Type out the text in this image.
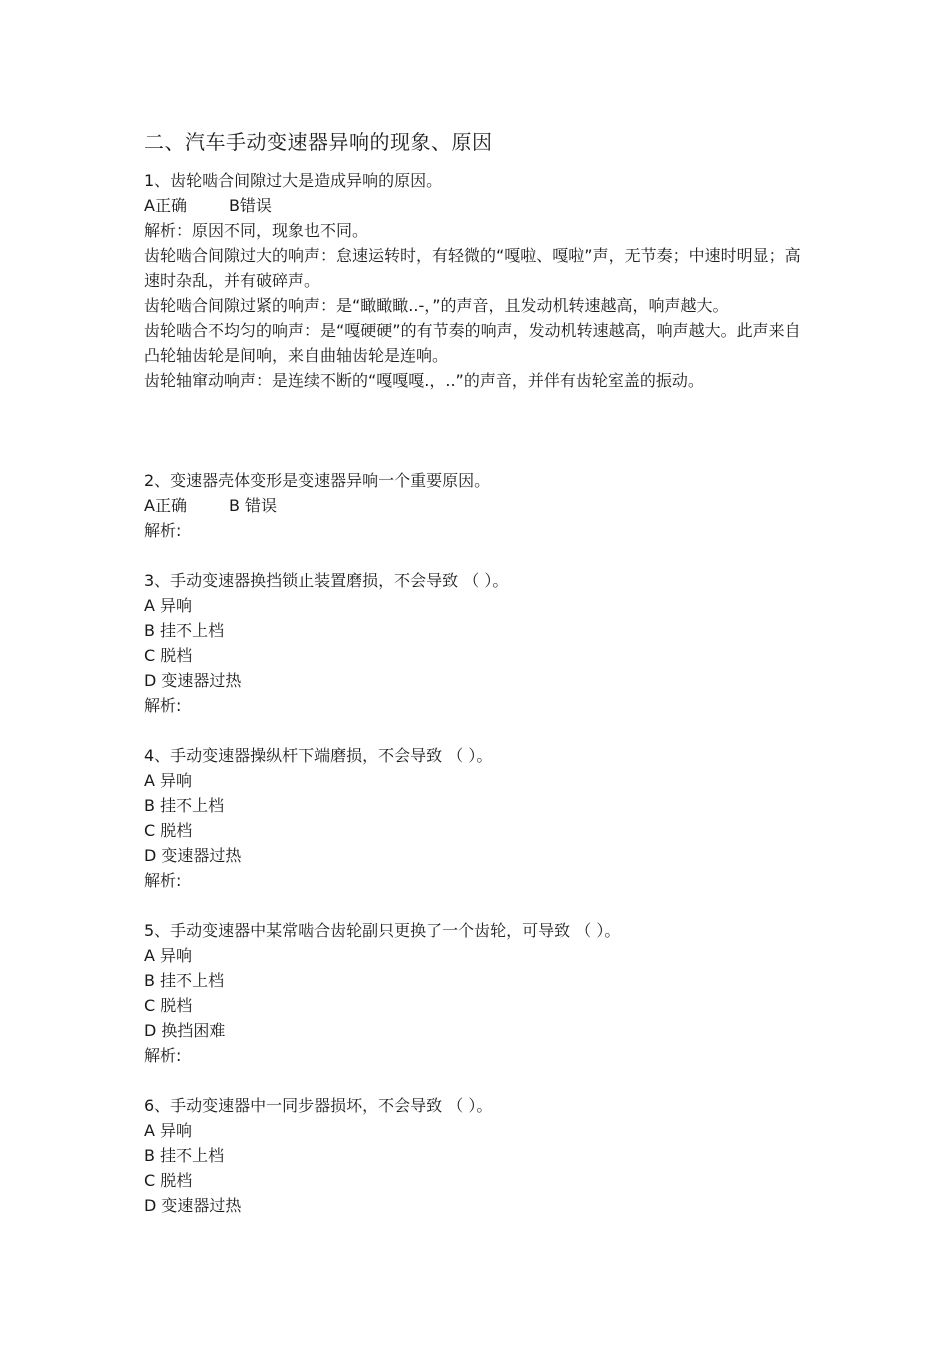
二、汽车手动变速器异响的现象、原因
1、齿轮啮合间隙过大是造成异响的原因。
A正确	B错误
解析：原因不同，现象也不同。
齿轮啮合间隙过大的响声：怠速运转时，有轻微的“嘎啦、嘎啦”声，无节奏；中速时明显；高速时杂乱，并有破碎声。
齿轮啮合间隙过紧的响声：是“瞰瞰瞰..-，”的声音，且发动机转速越高，响声越大。
齿轮啮合不均匀的响声：是“嘎硬硬”的有节奏的响声，发动机转速越高，响声越大。此声来自凸轮轴齿轮是间响，来自曲轴齿轮是连响。
齿轮轴窜动响声：是连续不断的“嘎嘎嘎.，..”的声音，并伴有齿轮室盖的振动。
2、变速器壳体变形是变速器异响一个重要原因。
A正确	B 错误
解析:
3、手动变速器换挡锁止装置磨损，不会导致 （ ）。
A 异响
B 挂不上档
C 脱档
D 变速器过热
解析:
4、手动变速器操纵杆下端磨损，不会导致 （ ）。
A 异响
B 挂不上档
C 脱档
D 变速器过热
解析:
5、手动变速器中某常啮合齿轮副只更换了一个齿轮，可导致 （ ）。
A 异响
B 挂不上档
C 脱档
D 换挡困难
解析:
6、手动变速器中一同步器损坏，不会导致 （ ）。
A 异响
B 挂不上档
C 脱档
D 变速器过热
